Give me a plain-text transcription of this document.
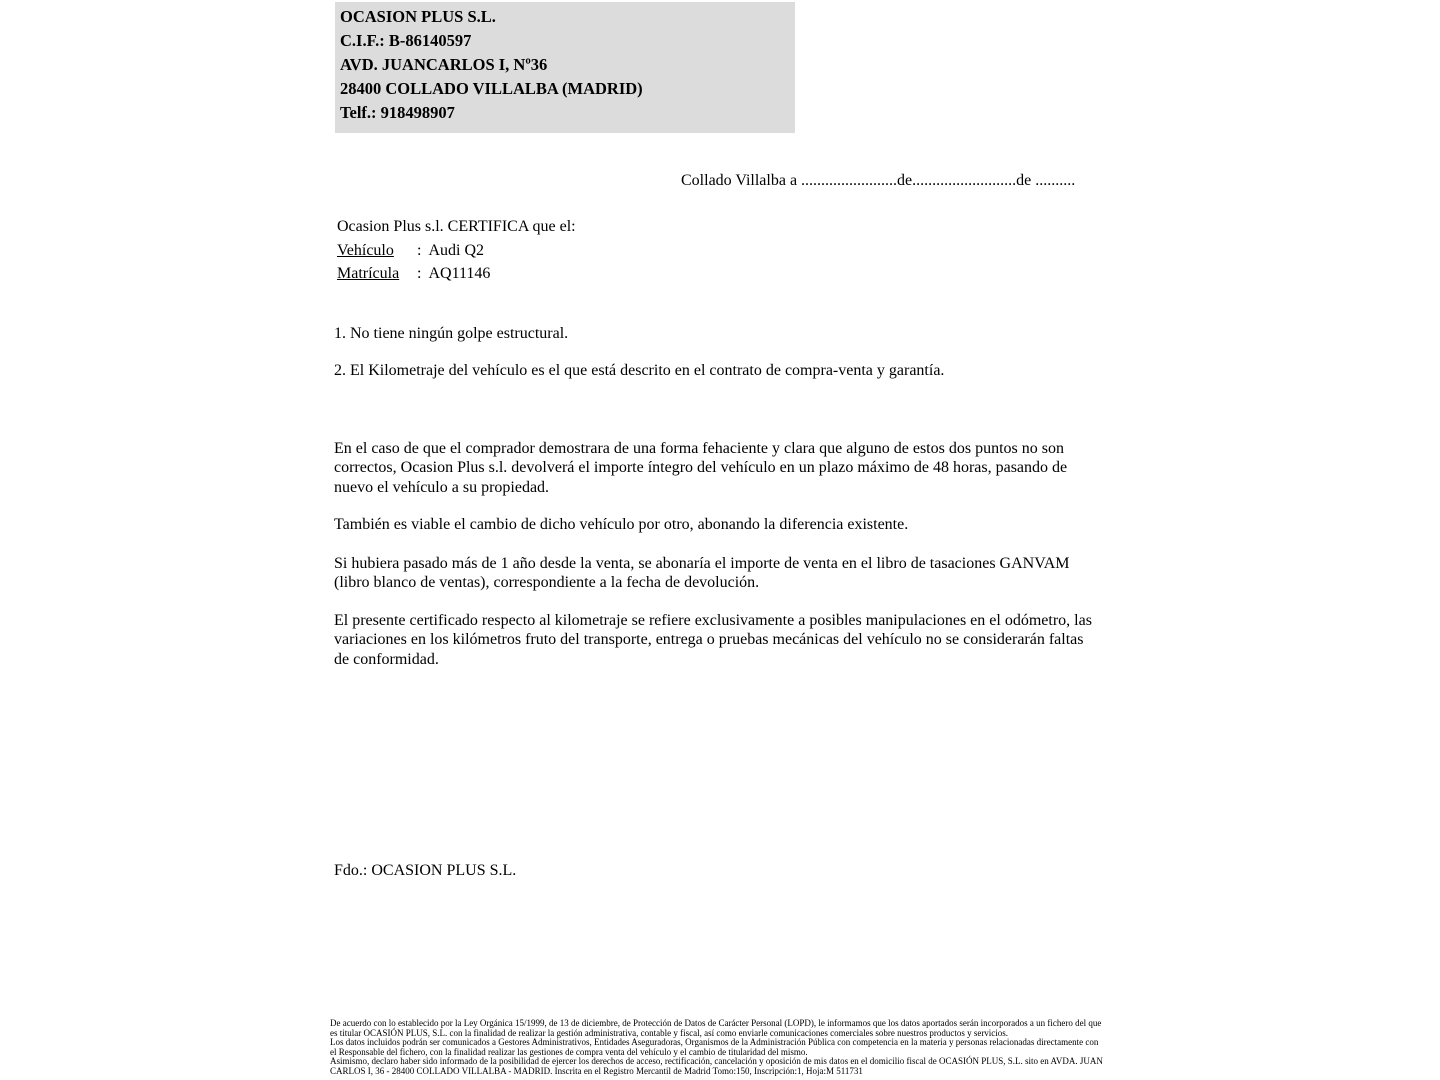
OCASION PLUS S.L.
C.I.F.: B-86140597
AVD. JUANCARLOS I, Nº36
28400 COLLADO VILLALBA (MADRID)
Telf.: 918498907
Collado Villalba a ........................de..........................de ..........
Ocasion Plus s.l. CERTIFICA que el:
Vehículo	: Audi Q2
Matrícula	: AQ11146
1. No tiene ningún golpe estructural.
2. El Kilometraje del vehículo es el que está descrito en el contrato de compra-venta y garantía.
En el caso de que el comprador demostrara de una forma fehaciente y clara que alguno de estos dos puntos no son correctos, Ocasion Plus s.l. devolverá el importe íntegro del vehículo en un plazo máximo de 48 horas, pasando de nuevo el vehículo a su propiedad.
También es viable el cambio de dicho vehículo por otro, abonando la diferencia existente.
Si hubiera pasado más de 1 año desde la venta, se abonaría el importe de venta en el libro de tasaciones GANVAM (libro blanco de ventas), correspondiente a la fecha de devolución.
El presente certificado respecto al kilometraje se refiere exclusivamente a posibles manipulaciones en el odómetro, las variaciones en los kilómetros fruto del transporte, entrega o pruebas mecánicas del vehículo no se considerarán faltas de conformidad.
Fdo.: OCASION PLUS S.L.

De acuerdo con lo establecido por la Ley Orgánica 15/1999, de 13 de diciembre, de Protección de Datos de Carácter Personal (LOPD), le informamos que los datos aportados serán incorporados a un fichero del que es titular OCASIÓN PLUS, S.L. con la finalidad de realizar la gestión administrativa, contable y fiscal, así como enviarle comunicaciones comerciales sobre nuestros productos y servicios.

Los datos incluidos podrán ser comunicados a Gestores Administrativos, Entidades Aseguradoras, Organismos de la Administración Pública con competencia en la materia y personas relacionadas directamente con el Responsable del fichero, con la finalidad realizar las gestiones de compra venta del vehículo y el cambio de titularidad del mismo.

Asimismo, declaro haber sido informado de la posibilidad de ejercer los derechos de acceso, rectificación, cancelación y oposición de mis datos en el domicilio fiscal de OCASIÓN PLUS, S.L. sito en AVDA. JUAN CARLOS I, 36 - 28400 COLLADO VILLALBA - MADRID. Inscrita en el Registro Mercantil de Madrid Tomo:150, Inscripción:1, Hoja:M 511731
